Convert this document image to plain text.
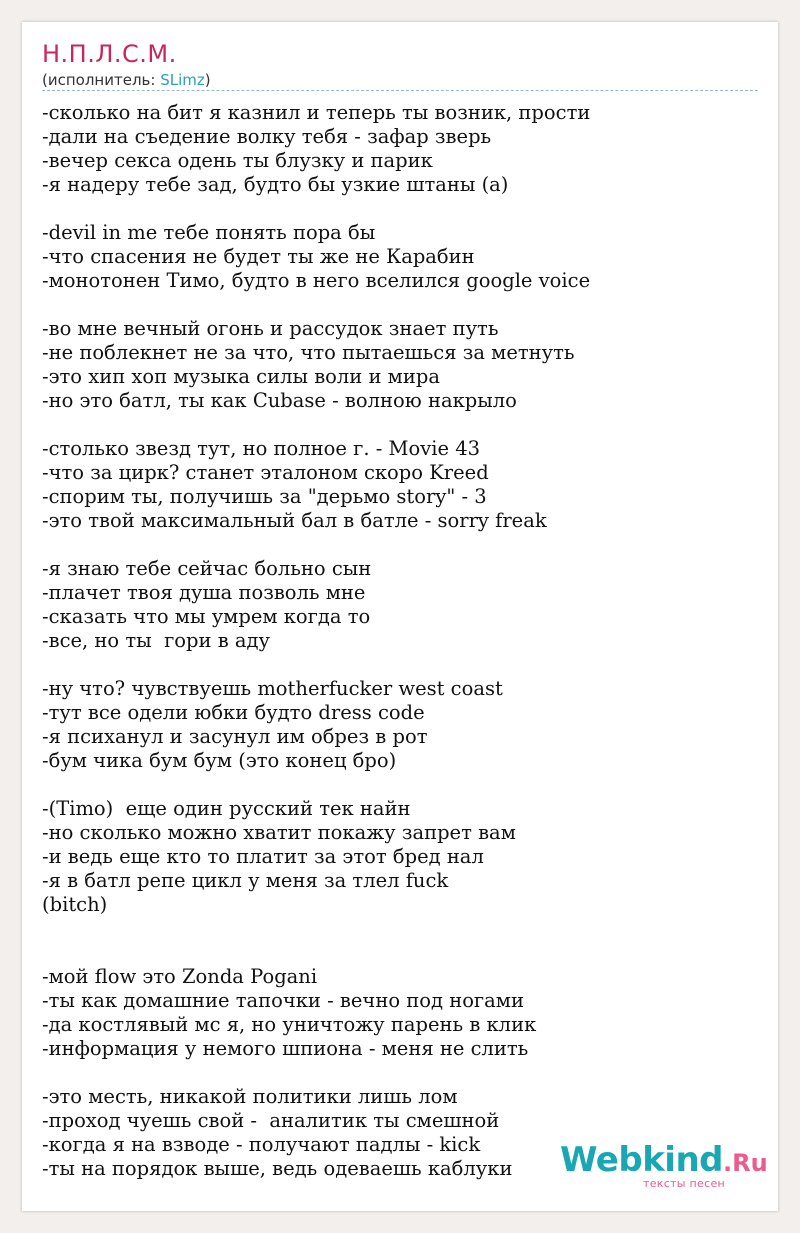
Н.П.Л.С.М.
(исполнитель: SLimz)
-сколько на бит я казнил и теперь ты возник, прости
-дали на съедение волку тебя - зафар зверь
-вечер секса одень ты блузку и парик
-я надеру тебе зад, будто бы узкие штаны (а)

-devil in me тебе понять пора бы
-что спасения не будет ты же не Карабин
-монотонен Тимо, будто в него вселился google voice

-во мне вечный огонь и рассудок знает путь
-не поблекнет не за что, что пытаешься за метнуть
-это хип хоп музыка силы воли и мира
-но это батл, ты как Cubase - волною накрыло

-столько звезд тут, но полное г. - Movie 43
-что за цирк? станет эталоном скоро Kreed
-спорим ты, получишь за "дерьмо story" - 3
-это твой максимальный бал в батле - sorry freak

-я знаю тебе сейчас больно сын
-плачет твоя душа позволь мне
-сказать что мы умрем когда то
-все, но ты  гори в аду

-ну что? чувствуешь motherfucker west coast
-тут все одели юбки будто dress code
-я психанул и засунул им обрез в рот
-бум чика бум бум (это конец бро)

-(Timo)  еще один русский тек найн
-но сколько можно хватит покажу запрет вам
-и ведь еще кто то платит за этот бред нал
-я в батл репе цикл у меня за тлел fuck
(bitch)

-мой flow это Zonda Pogani
-ты как домашние тапочки - вечно под ногами
-да костлявый мс я, но уничтожу парень в клик
-информация у немого шпиона - меня не слить

-это месть, никакой политики лишь лом
-проход чуешь свой -  аналитик ты смешной
-когда я на взводе - получают падлы - kick
-ты на порядок выше, ведь одеваешь каблуки	Webkind.Ru
тексты песен
